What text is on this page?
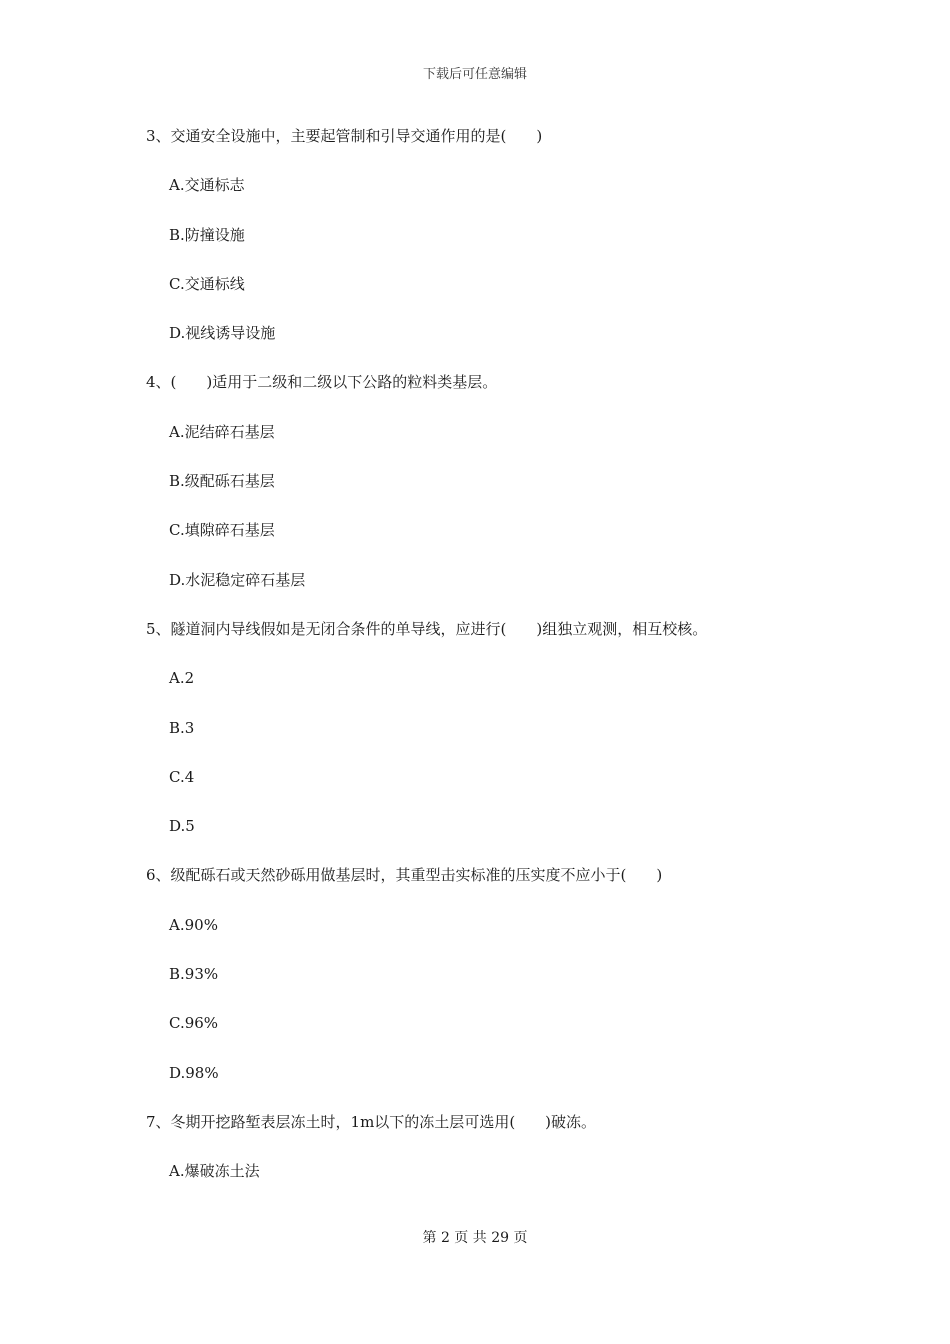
下载后可任意编辑
3、交通安全设施中，主要起管制和引导交通作用的是(　　)
A.交通标志
B.防撞设施
C.交通标线
D.视线诱导设施
4、(　　)适用于二级和二级以下公路的粒料类基层。
A.泥结碎石基层
B.级配砾石基层
C.填隙碎石基层
D.水泥稳定碎石基层
5、隧道洞内导线假如是无闭合条件的单导线，应进行(　　)组独立观测，相互校核。
A.2
B.3
C.4
D.5
6、级配砾石或天然砂砾用做基层时，其重型击实标准的压实度不应小于(　　)
A.90%
B.93%
C.96%
D.98%
7、冬期开挖路堑表层冻土时，1m以下的冻土层可选用(　　)破冻。
A.爆破冻土法
第 2 页 共 29 页
